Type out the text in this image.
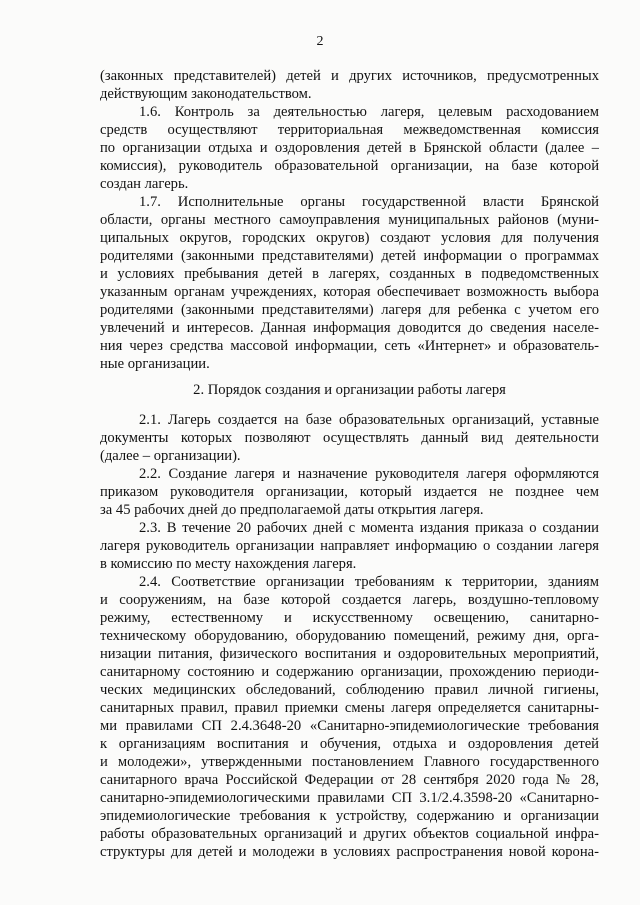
2
(законных представителей) детей и других источников, предусмотренных
действующим законодательством.
1.6. Контроль за деятельностью лагеря, целевым расходованием
средств осуществляют территориальная межведомственная комиссия
по организации отдыха и оздоровления детей в Брянской области (далее –
комиссия), руководитель образовательной организации, на базе которой
создан лагерь.
1.7. Исполнительные органы государственной власти Брянской
области, органы местного самоуправления муниципальных районов (муни-
ципальных округов, городских округов) создают условия для получения
родителями (законными представителями) детей информации о программах
и условиях пребывания детей в лагерях, созданных в подведомственных
указанным органам учреждениях, которая обеспечивает возможность выбора
родителями (законными представителями) лагеря для ребенка с учетом его
увлечений и интересов. Данная информация доводится до сведения населе-
ния через средства массовой информации, сеть «Интернет» и образователь-
ные организации.
2. Порядок создания и организации работы лагеря
2.1. Лагерь создается на базе образовательных организаций, уставные
документы которых позволяют осуществлять данный вид деятельности
(далее – организации).
2.2. Создание лагеря и назначение руководителя лагеря оформляются
приказом руководителя организации, который издается не позднее чем
за 45 рабочих дней до предполагаемой даты открытия лагеря.
2.3. В течение 20 рабочих дней с момента издания приказа о создании
лагеря руководитель организации направляет информацию о создании лагеря
в комиссию по месту нахождения лагеря.
2.4. Соответствие организации требованиям к территории, зданиям
и сооружениям, на базе которой создается лагерь, воздушно-тепловому
режиму, естественному и искусственному освещению, санитарно-
техническому оборудованию, оборудованию помещений, режиму дня, орга-
низации питания, физического воспитания и оздоровительных мероприятий,
санитарному состоянию и содержанию организации, прохождению периоди-
ческих медицинских обследований, соблюдению правил личной гигиены,
санитарных правил, правил приемки смены лагеря определяется санитарны-
ми правилами СП 2.4.3648-20 «Санитарно-эпидемиологические требования
к организациям воспитания и обучения, отдыха и оздоровления детей
и молодежи», утвержденными постановлением Главного государственного
санитарного врача Российской Федерации от 28 сентября 2020 года № 28,
санитарно-эпидемиологическими правилами СП 3.1/2.4.3598-20 «Санитарно-
эпидемиологические требования к устройству, содержанию и организации
работы образовательных организаций и других объектов социальной инфра-
структуры для детей и молодежи в условиях распространения новой корона-
